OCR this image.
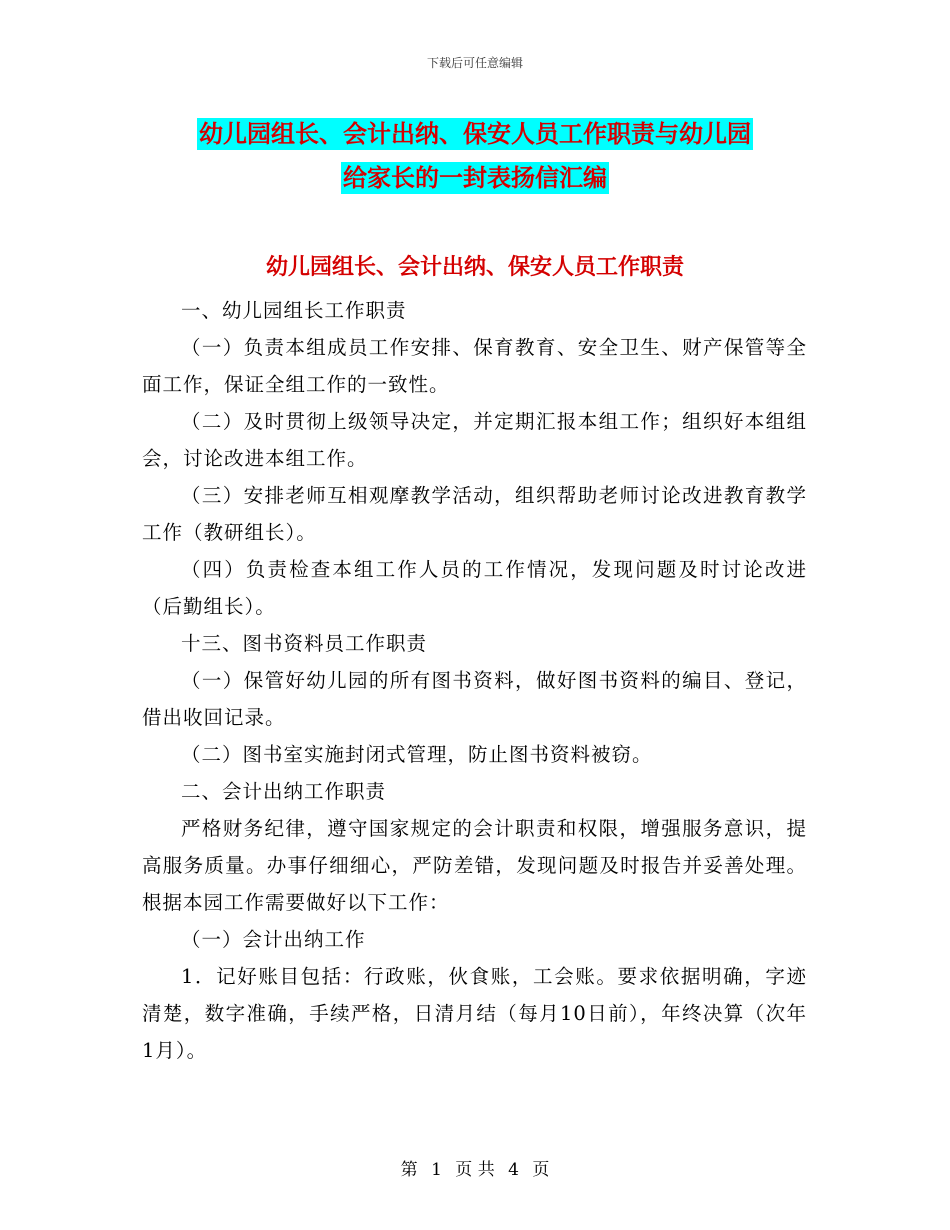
下载后可任意编辑
幼儿园组长、会计出纳、保安人员工作职责与幼儿园
给家长的一封表扬信汇编
幼儿园组长、会计出纳、保安人员工作职责

一、幼儿园组长工作职责

（一）负责本组成员工作安排、保育教育、安全卫生、财产保管等全面工作，保证全组工作的一致性。

（二）及时贯彻上级领导决定，并定期汇报本组工作；组织好本组组会，讨论改进本组工作。

（三）安排老师互相观摩教学活动，组织帮助老师讨论改进教育教学工作（教研组长）。

（四）负责检查本组工作人员的工作情况，发现问题及时讨论改进（后勤组长）。

十三、图书资料员工作职责

（一）保管好幼儿园的所有图书资料，做好图书资料的编目、登记，借出收回记录。

（二）图书室实施封闭式管理，防止图书资料被窃。

二、会计出纳工作职责

严格财务纪律，遵守国家规定的会计职责和权限，增强服务意识，提高服务质量。办事仔细细心，严防差错，发现问题及时报告并妥善处理。根据本园工作需要做好以下工作：

（一）会计出纳工作

1．记好账目包括：行政账，伙食账，工会账。要求依据明确，字迹清楚，数字准确，手续严格，日清月结（每月10日前），年终决算（次年1月）。

第 1 页 共 4 页
